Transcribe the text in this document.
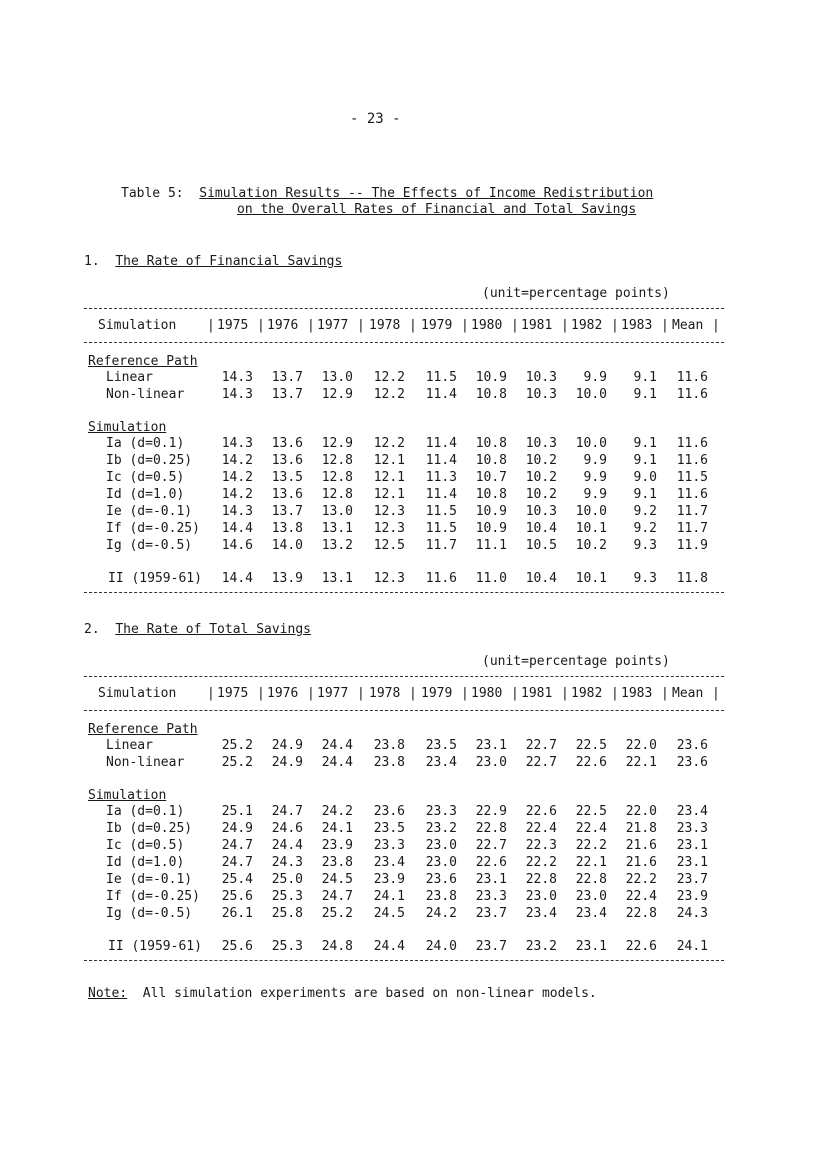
- 23 -
Table 5: Simulation Results -- The Effects of Income Redistribution
on the Overall Rates of Financial and Total Savings
1. The Rate of Financial Savings
(unit=percentage points)
Simulation | 1975 | 1976 | 1977 | 1978 | 1979 | 1980 | 1981 | 1982 | 1983 | Mean |
Reference Path
Linear	14.3	13.7	13.0	12.2	11.5	10.9	10.3	9.9	9.1	11.6
Non-linear	14.3	13.7	12.9	12.2	11.4	10.8	10.3	10.0	9.1	11.6
Simulation
Ia (d=0.1)	14.3	13.6	12.9	12.2	11.4	10.8	10.3	10.0	9.1	11.6
Ib (d=0.25)	14.2	13.6	12.8	12.1	11.4	10.8	10.2	9.9	9.1	11.6
Ic (d=0.5)	14.2	13.5	12.8	12.1	11.3	10.7	10.2	9.9	9.0	11.5
Id (d=1.0)	14.2	13.6	12.8	12.1	11.4	10.8	10.2	9.9	9.1	11.6
Ie (d=-0.1)	14.3	13.7	13.0	12.3	11.5	10.9	10.3	10.0	9.2	11.7
If (d=-0.25)	14.4	13.8	13.1	12.3	11.5	10.9	10.4	10.1	9.2	11.7
Ig (d=-0.5)	14.6	14.0	13.2	12.5	11.7	11.1	10.5	10.2	9.3	11.9
II (1959-61)	14.4	13.9	13.1	12.3	11.6	11.0	10.4	10.1	9.3	11.8
2. The Rate of Total Savings
(unit=percentage points)
Simulation | 1975 | 1976 | 1977 | 1978 | 1979 | 1980 | 1981 | 1982 | 1983 | Mean |
Reference Path
Linear	25.2	24.9	24.4	23.8	23.5	23.1	22.7	22.5	22.0	23.6
Non-linear	25.2	24.9	24.4	23.8	23.4	23.0	22.7	22.6	22.1	23.6
Simulation
Ia (d=0.1)	25.1	24.7	24.2	23.6	23.3	22.9	22.6	22.5	22.0	23.4
Ib (d=0.25)	24.9	24.6	24.1	23.5	23.2	22.8	22.4	22.4	21.8	23.3
Ic (d=0.5)	24.7	24.4	23.9	23.3	23.0	22.7	22.3	22.2	21.6	23.1
Id (d=1.0)	24.7	24.3	23.8	23.4	23.0	22.6	22.2	22.1	21.6	23.1
Ie (d=-0.1)	25.4	25.0	24.5	23.9	23.6	23.1	22.8	22.8	22.2	23.7
If (d=-0.25)	25.6	25.3	24.7	24.1	23.8	23.3	23.0	23.0	22.4	23.9
Ig (d=-0.5)	26.1	25.8	25.2	24.5	24.2	23.7	23.4	23.4	22.8	24.3
II (1959-61)	25.6	25.3	24.8	24.4	24.0	23.7	23.2	23.1	22.6	24.1
Note: All simulation experiments are based on non-linear models.
